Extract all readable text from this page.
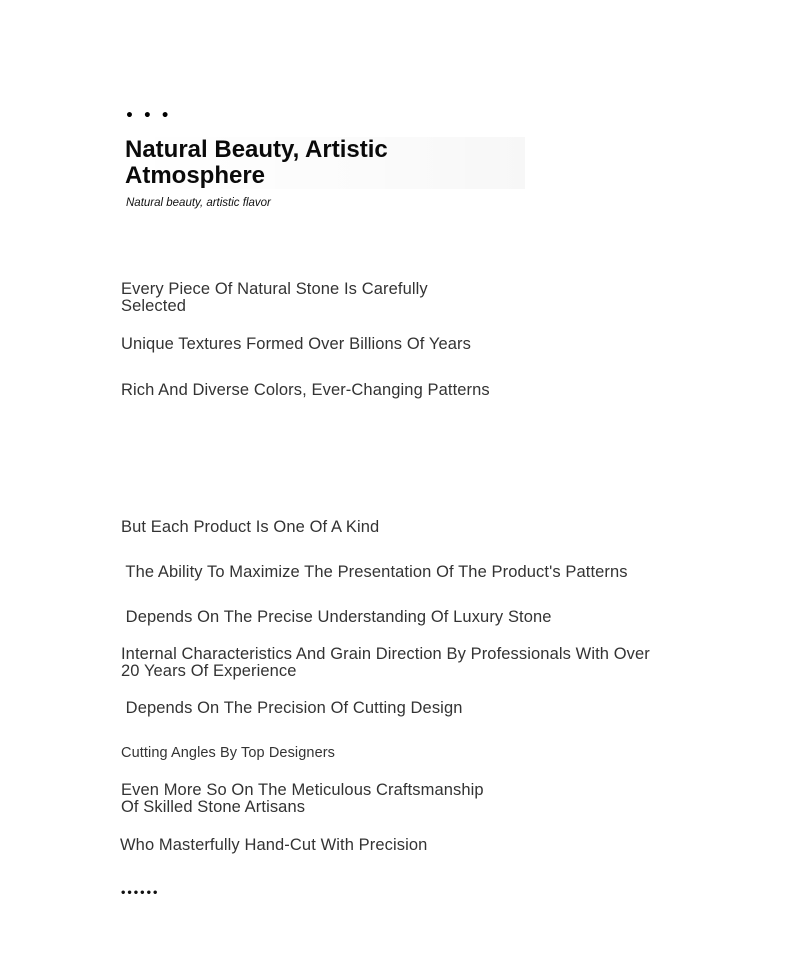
• • •
Natural Beauty, Artistic Atmosphere
Natural beauty, artistic flavor
Every Piece Of Natural Stone Is Carefully Selected
Unique Textures Formed Over Billions Of Years
Rich And Diverse Colors, Ever-Changing Patterns
But Each Product Is One Of A Kind
The Ability To Maximize The Presentation Of The Product's Patterns
Depends On The Precise Understanding Of Luxury Stone
Internal Characteristics And Grain Direction By Professionals With Over 20 Years Of Experience
Depends On The Precision Of Cutting Design
Cutting Angles By Top Designers
Even More So On The Meticulous Craftsmanship Of Skilled Stone Artisans
Who Masterfully Hand-Cut With Precision
••••••
